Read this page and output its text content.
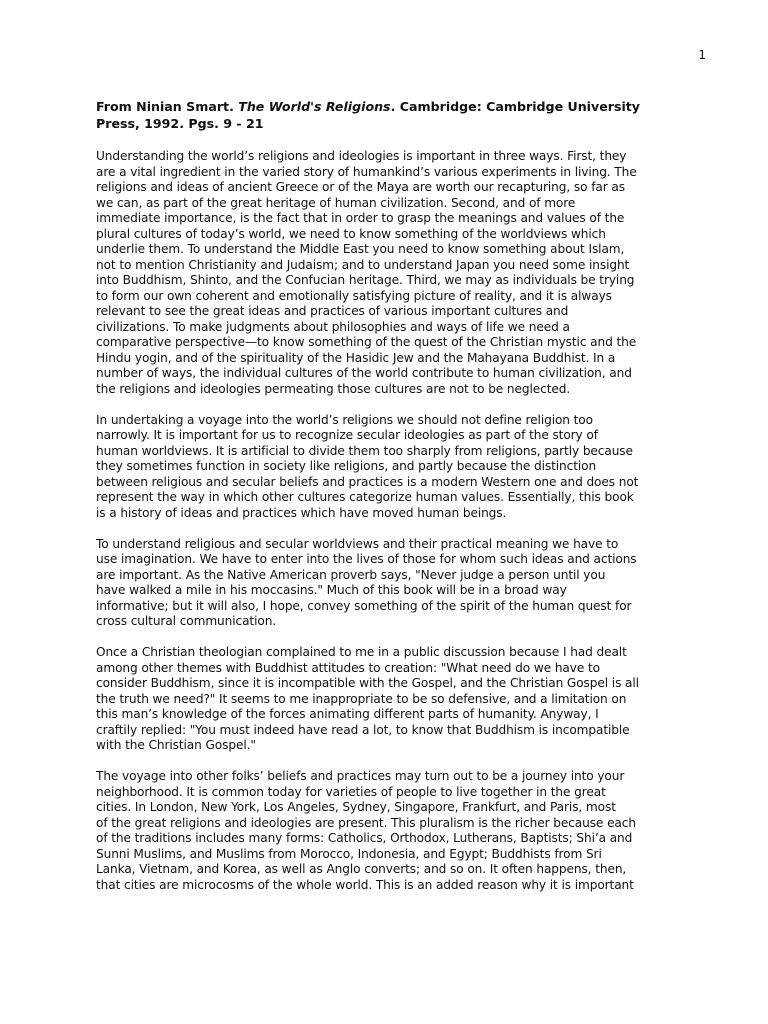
1

From Ninian Smart. The World's Religions. Cambridge: Cambridge University Press, 1992. Pgs. 9 - 21

Understanding the world’s religions and ideologies is important in three ways. First, they
are a vital ingredient in the varied story of humankind’s various experiments in living. The
religions and ideas of ancient Greece or of the Maya are worth our recapturing, so far as
we can, as part of the great heritage of human civilization. Second, and of more
immediate importance, is the fact that in order to grasp the meanings and values of the
plural cultures of today’s world, we need to know something of the worldviews which
underlie them. To understand the Middle East you need to know something about Islam,
not to mention Christianity and Judaism; and to understand Japan you need some insight
into Buddhism, Shinto, and the Confucian heritage. Third, we may as individuals be trying
to form our own coherent and emotionally satisfying picture of reality, and it is always
relevant to see the great ideas and practices of various important cultures and
civilizations. To make judgments about philosophies and ways of life we need a
comparative perspective—to know something of the quest of the Christian mystic and the
Hindu yogin, and of the spirituality of the Hasidic Jew and the Mahayana Buddhist. In a
number of ways, the individual cultures of the world contribute to human civilization, and
the religions and ideologies permeating those cultures are not to be neglected.

In undertaking a voyage into the world’s religions we should not define religion too
narrowly. It is important for us to recognize secular ideologies as part of the story of
human worldviews. It is artificial to divide them too sharply from religions, partly because
they sometimes function in society like religions, and partly because the distinction
between religious and secular beliefs and practices is a modern Western one and does not
represent the way in which other cultures categorize human values. Essentially, this book
is a history of ideas and practices which have moved human beings.

To understand religious and secular worldviews and their practical meaning we have to
use imagination. We have to enter into the lives of those for whom such ideas and actions
are important. As the Native American proverb says, "Never judge a person until you
have walked a mile in his moccasins." Much of this book will be in a broad way
informative; but it will also, I hope, convey something of the spirit of the human quest for
cross cultural communication.

Once a Christian theologian complained to me in a public discussion because I had dealt
among other themes with Buddhist attitudes to creation: "What need do we have to
consider Buddhism, since it is incompatible with the Gospel, and the Christian Gospel is all
the truth we need?" It seems to me inappropriate to be so defensive, and a limitation on
this man’s knowledge of the forces animating different parts of humanity. Anyway, I
craftily replied: "You must indeed have read a lot, to know that Buddhism is incompatible
with the Christian Gospel."

The voyage into other folks’ beliefs and practices may turn out to be a journey into your
neighborhood. It is common today for varieties of people to live together in the great
cities. In London, New York, Los Angeles, Sydney, Singapore, Frankfurt, and Paris, most
of the great religions and ideologies are present. This pluralism is the richer because each
of the traditions includes many forms: Catholics, Orthodox, Lutherans, Baptists; Shi’a and
Sunni Muslims, and Muslims from Morocco, Indonesia, and Egypt; Buddhists from Sri
Lanka, Vietnam, and Korea, as well as Anglo converts; and so on. It often happens, then,
that cities are microcosms of the whole world. This is an added reason why it is important
